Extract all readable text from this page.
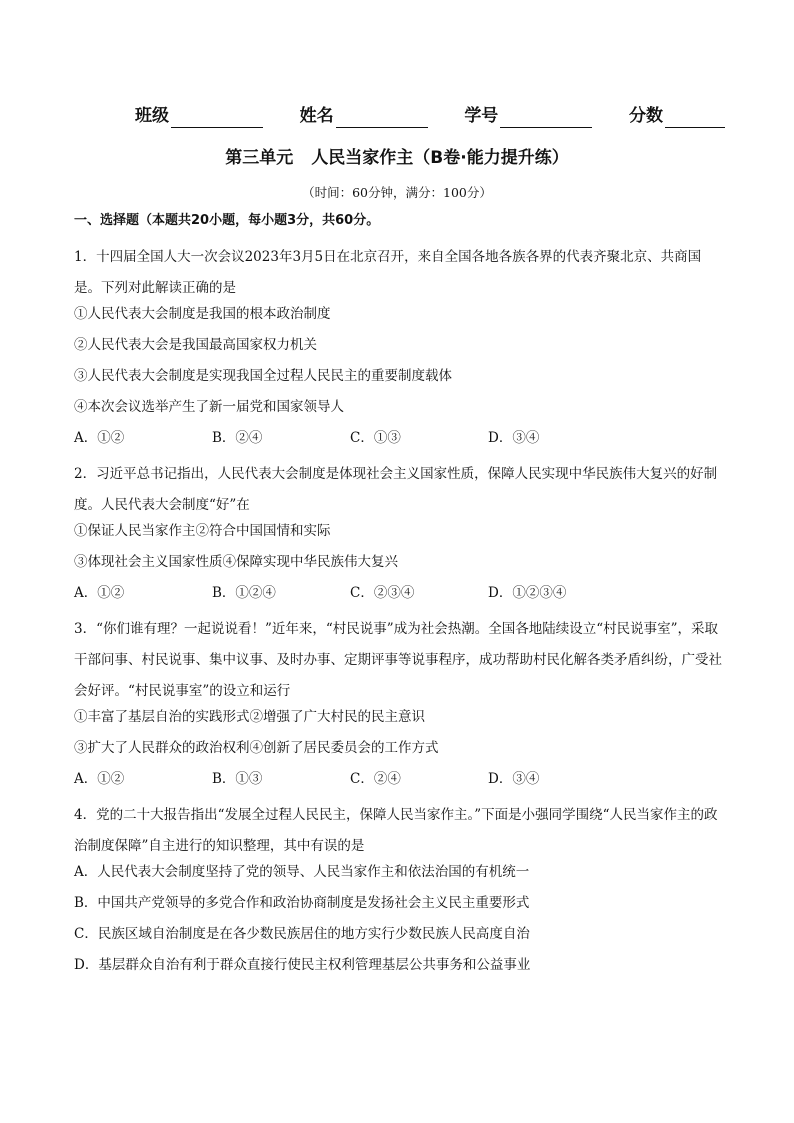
班级	姓名	学号	分数
第三单元 人民当家作主（B卷·能力提升练）
（时间：60分钟，满分：100分）
一、选择题（本题共20小题，每小题3分，共60分。

1．十四届全国人大一次会议2023年3月5日在北京召开，来自全国各地各族各界的代表齐聚北京、共商国是。下列对此解读正确的是

①人民代表大会制度是我国的根本政治制度

②人民代表大会是我国最高国家权力机关

③人民代表大会制度是实现我国全过程人民民主的重要制度载体

④本次会议选举产生了新一届党和国家领导人

A．①②	B．②④	C．①③	D．③④

2．习近平总书记指出，人民代表大会制度是体现社会主义国家性质，保障人民实现中华民族伟大复兴的好制度。人民代表大会制度“好”在

①保证人民当家作主②符合中国国情和实际

③体现社会主义国家性质④保障实现中华民族伟大复兴

A．①②	B．①②④	C．②③④	D．①②③④

3．“你们谁有理？一起说说看！”近年来，“村民说事”成为社会热潮。全国各地陆续设立“村民说事室”，采取干部问事、村民说事、集中议事、及时办事、定期评事等说事程序，成功帮助村民化解各类矛盾纠纷，广受社会好评。“村民说事室”的设立和运行

①丰富了基层自治的实践形式②增强了广大村民的民主意识

③扩大了人民群众的政治权利④创新了居民委员会的工作方式

A．①②	B．①③	C．②④	D．③④

4．党的二十大报告指出“发展全过程人民民主，保障人民当家作主。”下面是小强同学围绕“人民当家作主的政治制度保障”自主进行的知识整理，其中有误的是

A．人民代表大会制度坚持了党的领导、人民当家作主和依法治国的有机统一

B．中国共产党领导的多党合作和政治协商制度是发扬社会主义民主重要形式

C．民族区域自治制度是在各少数民族居住的地方实行少数民族人民高度自治

D．基层群众自治有利于群众直接行使民主权利管理基层公共事务和公益事业
